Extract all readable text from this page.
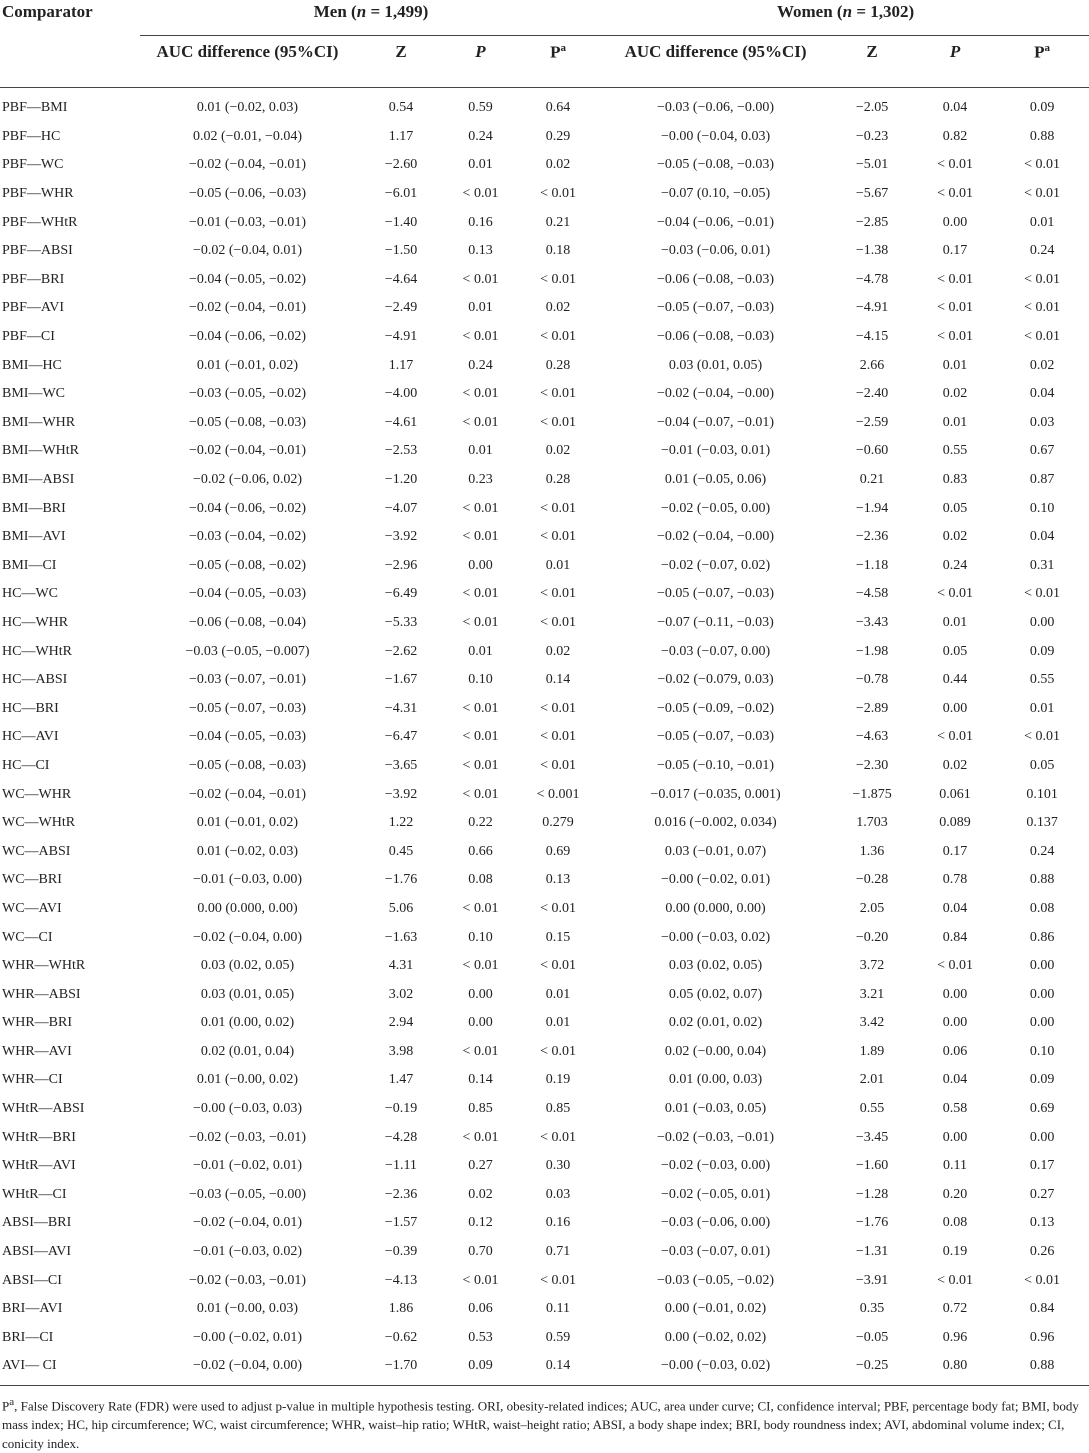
Comparator	Men (n = 1,499)				Women (n = 1,302)			
	AUC difference (95%CI)	Z	P	$P^a$	AUC difference (95%CI)	Z	P	$P^a$
PBF—BMI	0.01 (−0.02, 0.03)	0.54	0.59	0.64	−0.03 (−0.06, −0.00)	−2.05	0.04	0.09
PBF—HC	0.02 (−0.01, −0.04)	1.17	0.24	0.29	−0.00 (−0.04, 0.03)	−0.23	0.82	0.88
PBF—WC	−0.02 (−0.04, −0.01)	−2.60	0.01	0.02	−0.05 (−0.08, −0.03)	−5.01	< 0.01	< 0.01
PBF—WHR	−0.05 (−0.06, −0.03)	−6.01	< 0.01	< 0.01	−0.07 (0.10, −0.05)	−5.67	< 0.01	< 0.01
PBF—WHtR	−0.01 (−0.03, −0.01)	−1.40	0.16	0.21	−0.04 (−0.06, −0.01)	−2.85	0.00	0.01
PBF—ABSI	−0.02 (−0.04, 0.01)	−1.50	0.13	0.18	−0.03 (−0.06, 0.01)	−1.38	0.17	0.24
PBF—BRI	−0.04 (−0.05, −0.02)	−4.64	< 0.01	< 0.01	−0.06 (−0.08, −0.03)	−4.78	< 0.01	< 0.01
PBF—AVI	−0.02 (−0.04, −0.01)	−2.49	0.01	0.02	−0.05 (−0.07, −0.03)	−4.91	< 0.01	< 0.01
PBF—CI	−0.04 (−0.06, −0.02)	−4.91	< 0.01	< 0.01	−0.06 (−0.08, −0.03)	−4.15	< 0.01	< 0.01
BMI—HC	0.01 (−0.01, 0.02)	1.17	0.24	0.28	0.03 (0.01, 0.05)	2.66	0.01	0.02
BMI—WC	−0.03 (−0.05, −0.02)	−4.00	< 0.01	< 0.01	−0.02 (−0.04, −0.00)	−2.40	0.02	0.04
BMI—WHR	−0.05 (−0.08, −0.03)	−4.61	< 0.01	< 0.01	−0.04 (−0.07, −0.01)	−2.59	0.01	0.03
BMI—WHtR	−0.02 (−0.04, −0.01)	−2.53	0.01	0.02	−0.01 (−0.03, 0.01)	−0.60	0.55	0.67
BMI—ABSI	−0.02 (−0.06, 0.02)	−1.20	0.23	0.28	0.01 (−0.05, 0.06)	0.21	0.83	0.87
BMI—BRI	−0.04 (−0.06, −0.02)	−4.07	< 0.01	< 0.01	−0.02 (−0.05, 0.00)	−1.94	0.05	0.10
BMI—AVI	−0.03 (−0.04, −0.02)	−3.92	< 0.01	< 0.01	−0.02 (−0.04, −0.00)	−2.36	0.02	0.04
BMI—CI	−0.05 (−0.08, −0.02)	−2.96	0.00	0.01	−0.02 (−0.07, 0.02)	−1.18	0.24	0.31
HC—WC	−0.04 (−0.05, −0.03)	−6.49	< 0.01	< 0.01	−0.05 (−0.07, −0.03)	−4.58	< 0.01	< 0.01
HC—WHR	−0.06 (−0.08, −0.04)	−5.33	< 0.01	< 0.01	−0.07 (−0.11, −0.03)	−3.43	0.01	0.00
HC—WHtR	−0.03 (−0.05, −0.007)	−2.62	0.01	0.02	−0.03 (−0.07, 0.00)	−1.98	0.05	0.09
HC—ABSI	−0.03 (−0.07, −0.01)	−1.67	0.10	0.14	−0.02 (−0.079, 0.03)	−0.78	0.44	0.55
HC—BRI	−0.05 (−0.07, −0.03)	−4.31	< 0.01	< 0.01	−0.05 (−0.09, −0.02)	−2.89	0.00	0.01
HC—AVI	−0.04 (−0.05, −0.03)	−6.47	< 0.01	< 0.01	−0.05 (−0.07, −0.03)	−4.63	< 0.01	< 0.01
HC—CI	−0.05 (−0.08, −0.03)	−3.65	< 0.01	< 0.01	−0.05 (−0.10, −0.01)	−2.30	0.02	0.05
WC—WHR	−0.02 (−0.04, −0.01)	−3.92	< 0.01	< 0.001	−0.017 (−0.035, 0.001)	−1.875	0.061	0.101
WC—WHtR	0.01 (−0.01, 0.02)	1.22	0.22	0.279	0.016 (−0.002, 0.034)	1.703	0.089	0.137
WC—ABSI	0.01 (−0.02, 0.03)	0.45	0.66	0.69	0.03 (−0.01, 0.07)	1.36	0.17	0.24
WC—BRI	−0.01 (−0.03, 0.00)	−1.76	0.08	0.13	−0.00 (−0.02, 0.01)	−0.28	0.78	0.88
WC—AVI	0.00 (0.000, 0.00)	5.06	< 0.01	< 0.01	0.00 (0.000, 0.00)	2.05	0.04	0.08
WC—CI	−0.02 (−0.04, 0.00)	−1.63	0.10	0.15	−0.00 (−0.03, 0.02)	−0.20	0.84	0.86
WHR—WHtR	0.03 (0.02, 0.05)	4.31	< 0.01	< 0.01	0.03 (0.02, 0.05)	3.72	< 0.01	0.00
WHR—ABSI	0.03 (0.01, 0.05)	3.02	0.00	0.01	0.05 (0.02, 0.07)	3.21	0.00	0.00
WHR—BRI	0.01 (0.00, 0.02)	2.94	0.00	0.01	0.02 (0.01, 0.02)	3.42	0.00	0.00
WHR—AVI	0.02 (0.01, 0.04)	3.98	< 0.01	< 0.01	0.02 (−0.00, 0.04)	1.89	0.06	0.10
WHR—CI	0.01 (−0.00, 0.02)	1.47	0.14	0.19	0.01 (0.00, 0.03)	2.01	0.04	0.09
WHtR—ABSI	−0.00 (−0.03, 0.03)	−0.19	0.85	0.85	0.01 (−0.03, 0.05)	0.55	0.58	0.69
WHtR—BRI	−0.02 (−0.03, −0.01)	−4.28	< 0.01	< 0.01	−0.02 (−0.03, −0.01)	−3.45	0.00	0.00
WHtR—AVI	−0.01 (−0.02, 0.01)	−1.11	0.27	0.30	−0.02 (−0.03, 0.00)	−1.60	0.11	0.17
WHtR—CI	−0.03 (−0.05, −0.00)	−2.36	0.02	0.03	−0.02 (−0.05, 0.01)	−1.28	0.20	0.27
ABSI—BRI	−0.02 (−0.04, 0.01)	−1.57	0.12	0.16	−0.03 (−0.06, 0.00)	−1.76	0.08	0.13
ABSI—AVI	−0.01 (−0.03, 0.02)	−0.39	0.70	0.71	−0.03 (−0.07, 0.01)	−1.31	0.19	0.26
ABSI—CI	−0.02 (−0.03, −0.01)	−4.13	< 0.01	< 0.01	−0.03 (−0.05, −0.02)	−3.91	< 0.01	< 0.01
BRI—AVI	0.01 (−0.00, 0.03)	1.86	0.06	0.11	0.00 (−0.01, 0.02)	0.35	0.72	0.84
BRI—CI	−0.00 (−0.02, 0.01)	−0.62	0.53	0.59	0.00 (−0.02, 0.02)	−0.05	0.96	0.96
AVI— CI	−0.02 (−0.04, 0.00)	−1.70	0.09	0.14	−0.00 (−0.03, 0.02)	−0.25	0.80	0.88
$P^a$, False Discovery Rate (FDR) were used to adjust p-value in multiple hypothesis testing. ORI, obesity-related indices; AUC, area under curve; CI, confidence interval; PBF, percentage body fat; BMI, body mass index; HC, hip circumference; WC, waist circumference; WHR, waist–hip ratio; WHtR, waist–height ratio; ABSI, a body shape index; BRI, body roundness index; AVI, abdominal volume index; CI, conicity index.
